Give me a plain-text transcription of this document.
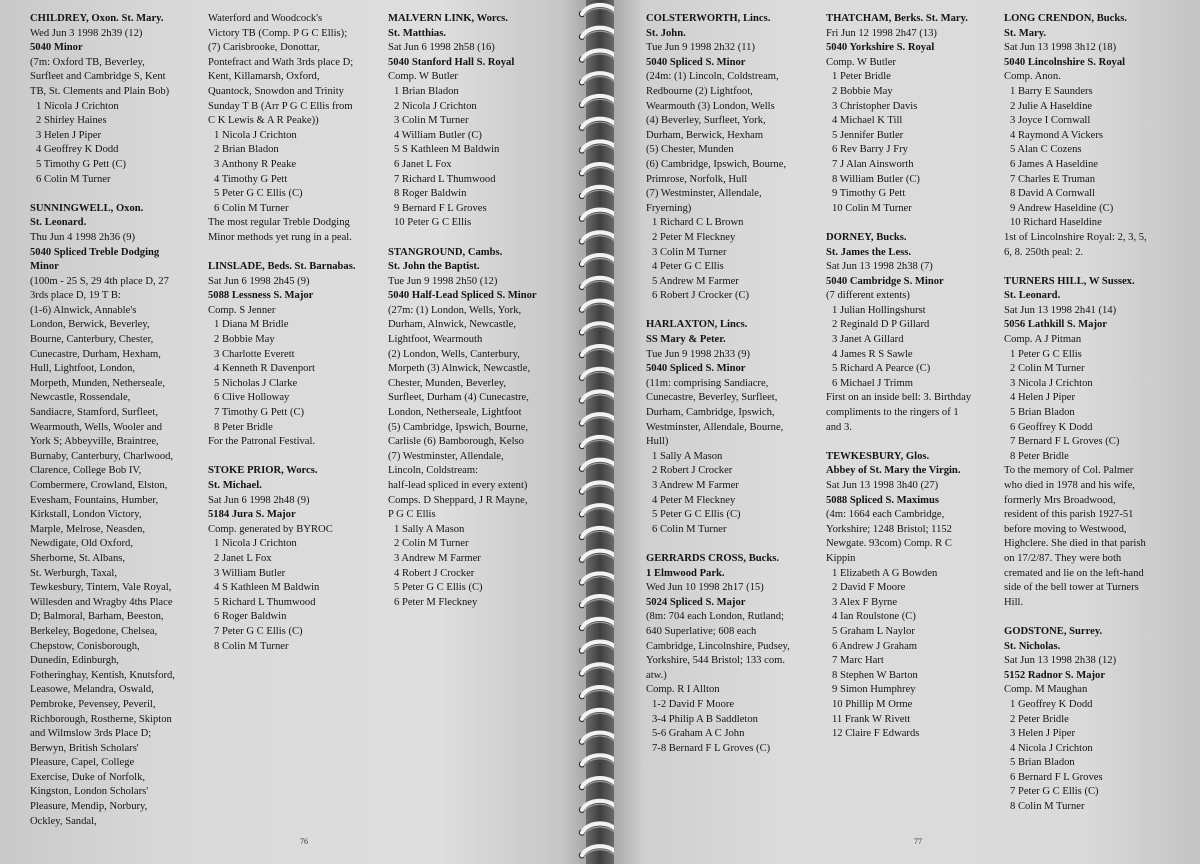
CHILDREY, Oxon. St. Mary.
Wed Jun 3 1998 2h39 (12)
5040 Minor
(7m: Oxford TB, Beverley,
Surfleet and Cambridge S, Kent
TB, St. Clements and Plain Bob)
1 Nicola J Crichton
2 Shirley Haines
3 Helen J Piper
4 Geoffrey K Dodd
5 Timothy G Pett (C)
6 Colin M Turner
SUNNINGWELL, Oxon.
St. Leonard.
Thu Jun 4 1998 2h36 (9)
5040 Spliced Treble Dodging
Minor
(100m - 25 S, 29 4th place D, 27
3rds place D, 19 T B:
(1-6) Alnwick, Annable's
London, Berwick, Beverley,
Bourne, Canterbury, Chester,
Cunecastre, Durham, Hexham,
Hull, Lightfoot, London,
Morpeth, Munden, Netherseale,
Newcastle, Rossendale,
Sandiacre, Stamford, Surfleet,
Wearmouth, Wells, Wooler and
York S; Abbeyville, Braintree,
Burnaby, Canterbury, Charlwood,
Clarence, College Bob IV,
Combermere, Crowland, Elston,
Evesham, Fountains, Humber,
Kirkstall, London Victory,
Marple, Melrose, Neasden,
Newdigate, Old Oxford,
Sherborne, St. Albans,
St. Werburgh, Taxal,
Tewkesbury, Tintern, Vale Royal,
Willesden and Wragby 4ths Place
D; Balmoral, Barham, Beeston,
Berkeley, Bogedone, Chelsea,
Chepstow, Conisborough,
Dunedin, Edinburgh,
Fotheringhay, Kentish, Knutsford,
Leasowe, Melandra, Oswald,
Pembroke, Pevensey, Peveril,
Richborough, Rostherne, Skipton
and Wilmslow 3rds Place D;
Berwyn, British Scholars'
Pleasure, Capel, College
Exercise, Duke of Norfolk,
Kingston, London Scholars'
Pleasure, Mendip, Norbury,
Ockley, Sandal,
Waterford and Woodcock's
Victory TB (Comp. P G C Ellis);
(7) Carisbrooke, Donottar,
Pontefract and Wath 3rds place D;
Kent, Killamarsh, Oxford,
Quantock, Snowdon and Trinity
Sunday T B (Arr P G C Ellis from
C K Lewis & A R Peake))
1 Nicola J Crichton
2 Brian Bladon
3 Anthony R Peake
4 Timothy G Pett
5 Peter G C Ellis (C)
6 Colin M Turner
The most regular Treble Dodging
Minor methods yet rung in a peal.
LINSLADE, Beds. St. Barnabas.
Sat Jun 6 1998 2h45 (9)
5088 Lessness S. Major
Comp. S Jenner
1 Diana M Bridle
2 Bobbie May
3 Charlotte Everett
4 Kenneth R Davenport
5 Nicholas J Clarke
6 Clive Holloway
7 Timothy G Pett (C)
8 Peter Bridle
For the Patronal Festival.
STOKE PRIOR, Worcs.
St. Michael.
Sat Jun 6 1998 2h48 (9)
5184 Jura S. Major
Comp. generated by BYROC
1 Nicola J Crichton
2 Janet L Fox
3 William Butler
4 S Kathleen M Baldwin
5 Richard L Thumwood
6 Roger Baldwin
7 Peter G C Ellis (C)
8 Colin M Turner
MALVERN LINK, Worcs.
St. Matthias.
Sat Jun 6 1998 2h58 (16)
5040 Stanford Hall S. Royal
Comp. W Butler
1 Brian Bladon
2 Nicola J Crichton
3 Colin M Turner
4 William Butler (C)
5 S Kathleen M Baldwin
6 Janet L Fox
7 Richard L Thumwood
8 Roger Baldwin
9 Bernard F L Groves
10 Peter G C Ellis
STANGROUND, Cambs.
St. John the Baptist.
Tue Jun 9 1998 2h50 (12)
5040 Half-Lead Spliced S. Minor
(27m: (1) London, Wells, York,
Durham, Alnwick, Newcastle,
Lightfoot, Wearmouth
(2) London, Wells, Canterbury,
Morpeth (3) Alnwick, Newcastle,
Chester, Munden, Beverley,
Surfleet, Durham (4) Cunecastre,
London, Netherseale, Lightfoot
(5) Cambridge, Ipswich, Bourne,
Carlisle (6) Bamborough, Kelso
(7) Westminster, Allendale,
Lincoln, Coldstream:
half-lead spliced in every extent)
Comps. D Sheppard, J R Mayne,
P G C Ellis
1 Sally A Mason
2 Colin M Turner
3 Andrew M Farmer
4 Robert J Crocker
5 Peter G C Ellis (C)
6 Peter M Fleckney
76
COLSTERWORTH, Lincs.
St. John.
Tue Jun 9 1998 2h32 (11)
5040 Spliced S. Minor
(24m: (1) Lincoln, Coldstream,
Redbourne (2) Lightfoot,
Wearmouth (3) London, Wells
(4) Beverley, Surfleet, York,
Durham, Berwick, Hexham
(5) Chester, Munden
(6) Cambridge, Ipswich, Bourne,
Primrose, Norfolk, Hull
(7) Westminster, Allendale,
Fryerning)
1 Richard C L Brown
2 Peter M Fleckney
3 Colin M Turner
4 Peter G C Ellis
5 Andrew M Farmer
6 Robert J Crocker (C)
HARLAXTON, Lincs.
SS Mary & Peter.
Tue Jun 9 1998 2h33 (9)
5040 Spliced S. Minor
(11m: comprising Sandiacre,
Cunecastre, Beverley, Surfleet,
Durham, Cambridge, Ipswich,
Westminster, Allendale, Bourne,
Hull)
1 Sally A Mason
2 Robert J Crocker
3 Andrew M Farmer
4 Peter M Fleckney
5 Peter G C Ellis (C)
6 Colin M Turner
GERRARDS CROSS, Bucks.
1 Elmwood Park.
Wed Jun 10 1998 2h17 (15)
5024 Spliced S. Major
(8m: 704 each London, Rutland;
640 Superlative; 608 each
Cambridge, Lincolnshire, Pudsey,
Yorkshire, 544 Bristol; 133 com.
atw.)
Comp. R I Allton
1-2 David F Moore
3-4 Philip A B Saddleton
5-6 Graham A C John
7-8 Bernard F L Groves (C)
THATCHAM, Berks. St. Mary.
Fri Jun 12 1998 2h47 (13)
5040 Yorkshire S. Royal
Comp. W Butler
1 Peter Bridle
2 Bobbie May
3 Christopher Davis
4 Michael K Till
5 Jennifer Butler
6 Rev Barry J Fry
7 J Alan Ainsworth
8 William Butler (C)
9 Timothy G Pett
10 Colin M Turner
DORNEY, Bucks.
St. James the Less.
Sat Jun 13 1998 2h38 (7)
5040 Cambridge S. Minor
(7 different extents)
1 Julian Hollingshurst
2 Reginald D P Gillard
3 Janet A Gillard
4 James R S Sawle
5 Richard A Pearce (C)
6 Michael J Trimm
First on an inside bell: 3. Birthday
compliments to the ringers of 1
and 3.
TEWKESBURY, Glos.
Abbey of St. Mary the Virgin.
Sat Jun 13 1998 3h40 (27)
5088 Spliced S. Maximus
(4m: 1664 each Cambridge,
Yorkshire; 1248 Bristol; 1152
Newgate. 93com) Comp. R C
Kippin
1 Elizabeth A G Bowden
2 David F Moore
3 Alex F Byrne
4 Ian Roulstone (C)
5 Graham L Naylor
6 Andrew J Graham
7 Marc Hart
8 Stephen W Barton
9 Simon Humphrey
10 Phillip M Orme
11 Frank W Rivett
12 Claire F Edwards
LONG CRENDON, Bucks.
St. Mary.
Sat Jun 13 1998 3h12 (18)
5040 Lincolnshire S. Royal
Comp. Anon.
1 Barry E Saunders
2 Julie A Haseldine
3 Joyce I Cornwall
4 Raymond A Vickers
5 Alan C Cozens
6 James A Haseldine
7 Charles E Truman
8 David A Cornwall
9 Andrew Haseldine (C)
10 Richard Haseldine
1st of Lincolnshire Royal: 2, 3, 5,
6, 8. 250th peal: 2.
TURNERS HILL, W Sussex.
St. Leonard.
Sat Jun 13 1998 2h41 (14)
5056 Lathkill S. Major
Comp. A J Pitman
1 Peter G C Ellis
2 Colin M Turner
3 Nicola J Crichton
4 Helen J Piper
5 Brian Bladon
6 Geoffrey K Dodd
7 Bernard F L Groves (C)
8 Peter Bridle
To the memory of Col. Palmer
who died in 1978 and his wife,
formerly Mrs Broadwood,
resident of this parish 1927-51
before moving to Westwood,
Highclere. She died in that parish
on 17/2/87. They were both
cremated and lie on the left-hand
side of the bell tower at Turners
Hill.
GODSTONE, Surrey.
St. Nicholas.
Sat Jun 13 1998 2h38 (12)
5152 Radnor S. Major
Comp. M Maughan
1 Geoffrey K Dodd
2 Peter Bridle
3 Helen J Piper
4 Nicola J Crichton
5 Brian Bladon
6 Bernard F L Groves
7 Peter G C Ellis (C)
8 Colin M Turner
77
